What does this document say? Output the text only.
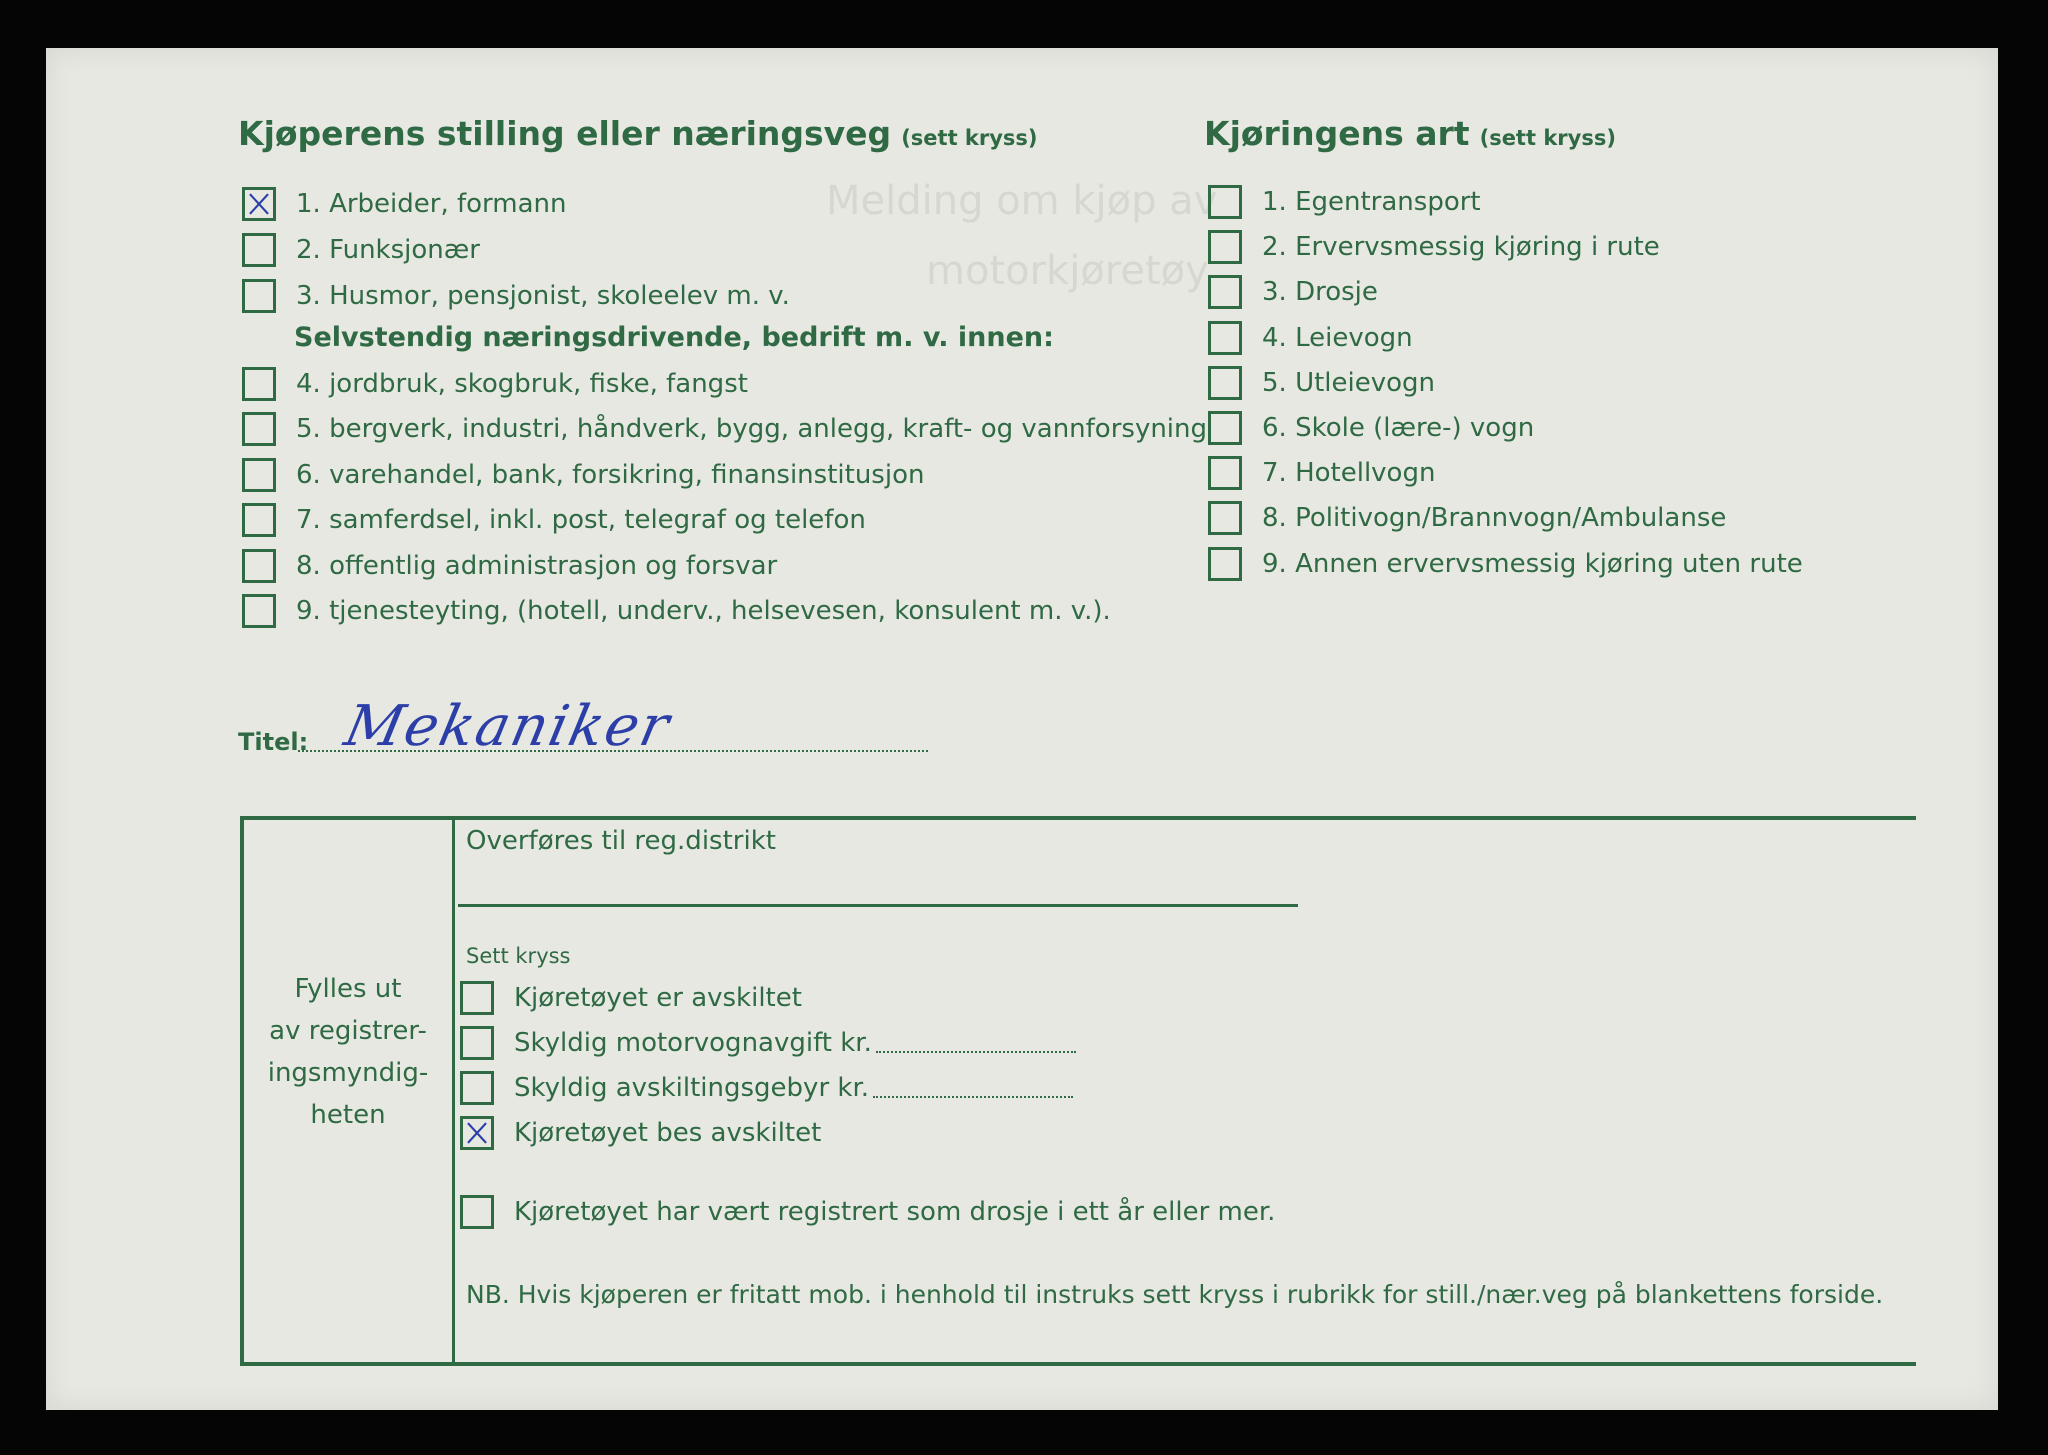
Melding om kjøp av
motorkjøretøy
Kjøperens stilling eller næringsveg (sett kryss)
Selvstendig næringsdrivende, bedrift m. v. innen:
Kjøringens art (sett kryss)
Titel: Mekaniker
Fylles ut
av registrer-
ingsmyndig-
heten
Overføres til reg.distrikt
Sett kryss
Kjøretøyet har vært registrert som drosje i ett år eller mer.
NB. Hvis kjøperen er fritatt mob. i henhold til instruks sett kryss i rubrikk for still./nær.veg på blankettens forside.
1. Arbeider, formann
2. Funksjonær
3. Husmor, pensjonist, skoleelev m. v.
4. jordbruk, skogbruk, fiske, fangst
5. bergverk, industri, håndverk, bygg, anlegg, kraft- og vannforsyning
6. varehandel, bank, forsikring, finansinstitusjon
7. samferdsel, inkl. post, telegraf og telefon
8. offentlig administrasjon og forsvar
9. tjenesteyting, (hotell, underv., helsevesen, konsulent m. v.).
1. Egentransport
2. Ervervsmessig kjøring i rute
3. Drosje
4. Leievogn
5. Utleievogn
6. Skole (lære-) vogn
7. Hotellvogn
8. Politivogn/Brannvogn/Ambulanse
9. Annen ervervsmessig kjøring uten rute
Kjøretøyet er avskiltet
Skyldig motorvognavgift kr.
Skyldig avskiltingsgebyr kr.
Kjøretøyet bes avskiltet
